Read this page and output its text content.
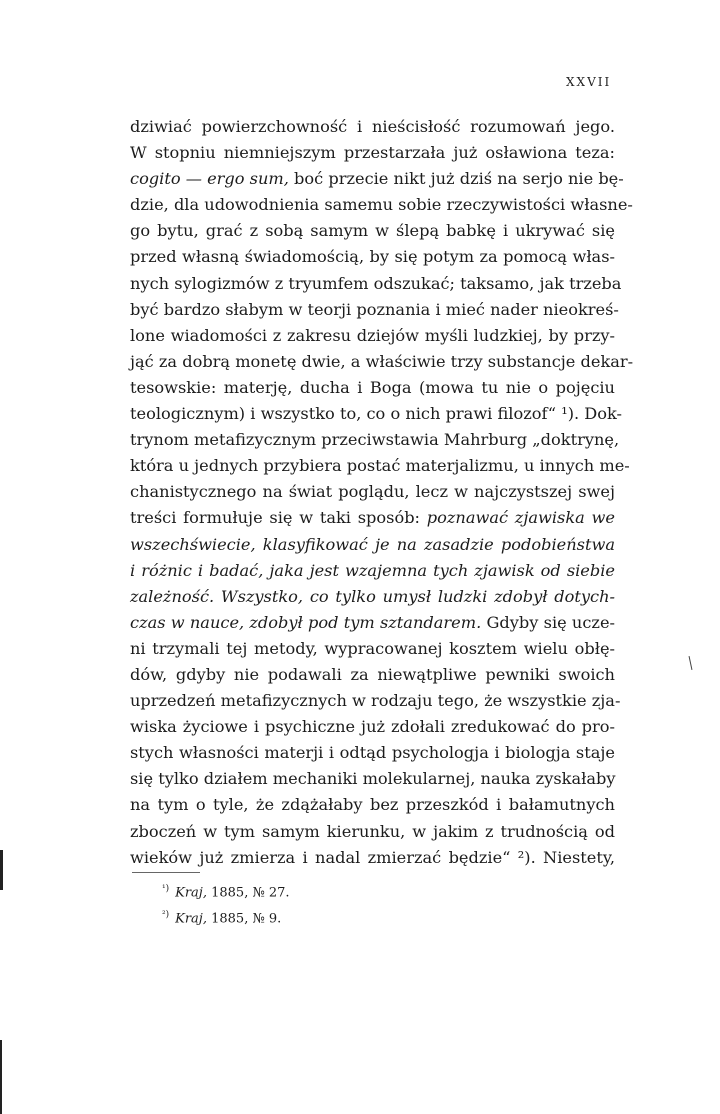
XXVII
dziwiać powierzchowność i nieścisłość rozumowań jego.
W stopniu niemniejszym przestarzała już osławiona teza:
cogito — ergo sum, boć przecie nikt już dziś na serjo nie bę-
dzie, dla udowodnienia samemu sobie rzeczywistości własne-
go bytu, grać z sobą samym w ślepą babkę i ukrywać się
przed własną świadomością, by się potym za pomocą włas-
nych sylogizmów z tryumfem odszukać; taksamo, jak trzeba
być bardzo słabym w teorji poznania i mieć nader nieokreś-
lone wiadomości z zakresu dziejów myśli ludzkiej, by przy-
jąć za dobrą monetę dwie, a właściwie trzy substancje dekar-
tesowskie: materję, ducha i Boga (mowa tu nie o pojęciu
teologicznym) i wszystko to, co o nich prawi filozof“ ¹). Dok-
trynom metafizycznym przeciwstawia Mahrburg „doktrynę,
która u jednych przybiera postać materjalizmu, u innych me-
chanistycznego na świat poglądu, lecz w najczystszej swej
treści formułuje się w taki sposób: poznawać zjawiska we
wszechświecie, klasyfikować je na zasadzie podobieństwa
i różnic i badać, jaka jest wzajemna tych zjawisk od siebie
zależność. Wszystko, co tylko umysł ludzki zdobył dotych-
czas w nauce, zdobył pod tym sztandarem. Gdyby się ucze-
ni trzymali tej metody, wypracowanej kosztem wielu obłę-
dów, gdyby nie podawali za niewątpliwe pewniki swoich
uprzedzeń metafizycznych w rodzaju tego, że wszystkie zja-
wiska życiowe i psychiczne już zdołali zredukować do pro-
stych własności materji i odtąd psychologja i biologja staje
się tylko działem mechaniki molekularnej, nauka zyskałaby
na tym o tyle, że zdążałaby bez przeszkód i bałamutnych
zboczeń w tym samym kierunku, w jakim z trudnością od
wieków już zmierza i nadal zmierzać będzie“ ²). Niestety,
$^{^1)}$ Kraj, 1885, № 27.
$^{^2)}$ Kraj, 1885, № 9.
